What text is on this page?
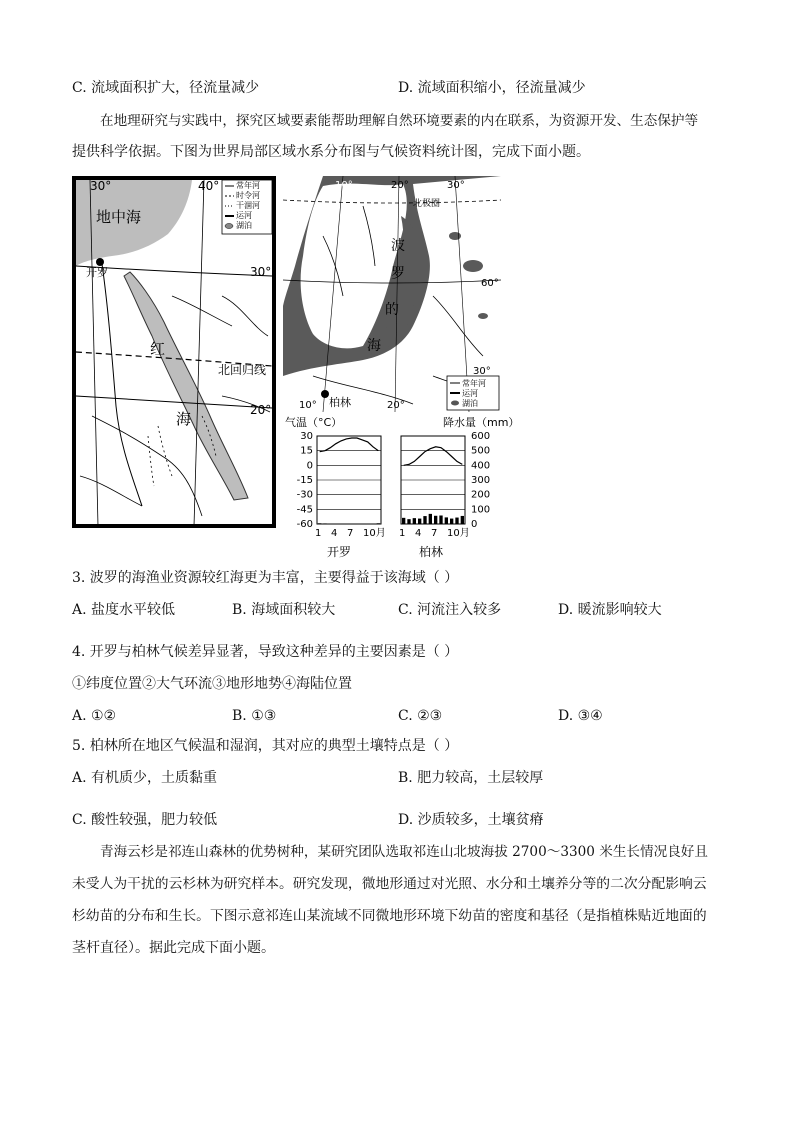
C. 流域面积扩大，径流量减少	D. 流域面积缩小，径流量减少
在地理研究与实践中，探究区域要素能帮助理解自然环境要素的内在联系，为资源开发、生态保护等
提供科学依据。下图为世界局部区域水系分布图与气候资料统计图，完成下面小题。
常年河
时令河
干涸河
运河
湖泊
30°	40°
30°
20°
地中海
开罗
红
海
北回归线
常年河
运河
湖泊
10°	20°	30°
60°
30°
北极圈
波
罗
的
海
柏林
10°	20°
气温（°C）	降水量（mm）
30
15
0
-15
-30
-45
-60
600
500
400
300
200
100
0
1 4 7 10月 1 4 7 10月
开罗	柏林
3. 波罗的海渔业资源较红海更为丰富，主要得益于该海域（ ）
A. 盐度水平较低	B. 海域面积较大	C. 河流注入较多	D. 暖流影响较大
4. 开罗与柏林气候差异显著，导致这种差异的主要因素是（ ）
①纬度位置②大气环流③地形地势④海陆位置
A. ①②	B. ①③	C. ②③	D. ③④
5. 柏林所在地区气候温和湿润，其对应的典型土壤特点是（ ）
A. 有机质少，土质黏重	B. 肥力较高，土层较厚
C. 酸性较强，肥力较低	D. 沙质较多，土壤贫瘠
青海云杉是祁连山森林的优势树种，某研究团队选取祁连山北坡海拔 2700～3300 米生长情况良好且
未受人为干扰的云杉林为研究样本。研究发现，微地形通过对光照、水分和土壤养分等的二次分配影响云
杉幼苗的分布和生长。下图示意祁连山某流域不同微地形环境下幼苗的密度和基径（是指植株贴近地面的
茎杆直径）。据此完成下面小题。
